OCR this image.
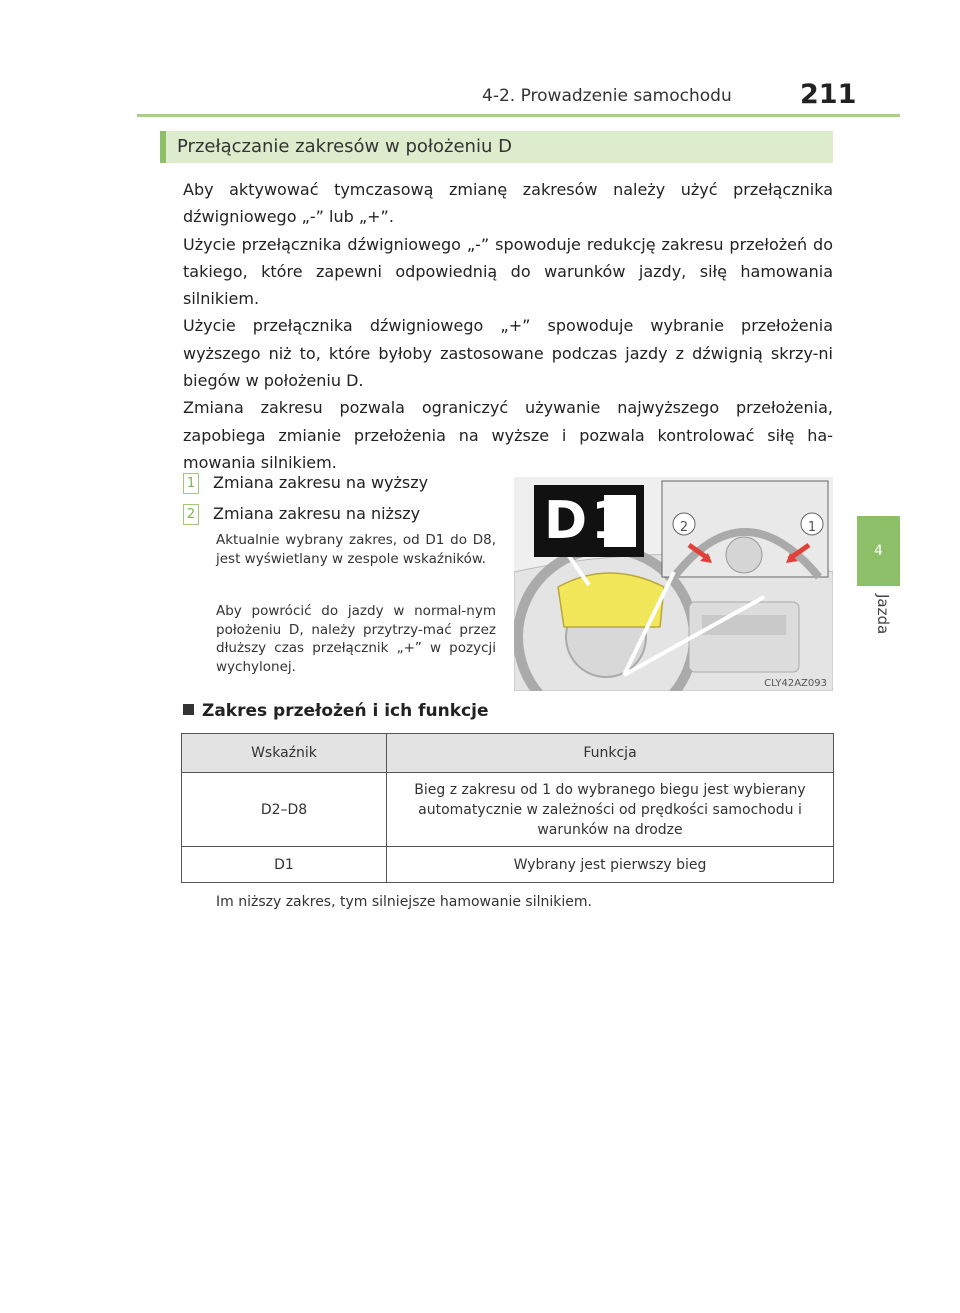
4-2. Prowadzenie samochodu	211
4
Jazda
Przełączanie zakresów w położeniu D

Aby aktywować tymczasową zmianę zakresów należy użyć przełącznika dźwigniowego „-” lub „+”.

Użycie przełącznika dźwigniowego „-” spowoduje redukcję zakresu przełożeń do takiego, które zapewni odpowiednią do warunków jazdy, siłę hamowania silnikiem.

Użycie przełącznika dźwigniowego „+” spowoduje wybranie przełożenia wyższego niż to, które byłoby zastosowane podczas jazdy z dźwignią skrzy-ni biegów w położeniu D.

Zmiana zakresu pozwala ograniczyć używanie najwyższego przełożenia, zapobiega zmianie przełożenia na wyższe i pozwala kontrolować siłę ha-mowania silnikiem.

1 Zmiana zakresu na wyższy
2 Zmiana zakresu na niższy
Aktualnie wybrany zakres, od D1 do D8, jest wyświetlany w zespole wskaźników.
Aby powrócić do jazdy w normal-nym położeniu D, należy przytrzy-mać przez dłuższy czas przełącznik „+” w pozycji wychylonej.
D1	2	1
CLY42AZ093
Zakres przełożeń i ich funkcje
Wskaźnik	Funkcja
D2–D8	Bieg z zakresu od 1 do wybranego biegu jest wybierany automatycznie w zależności od prędkości samochodu i warunków na drodze
D1	Wybrany jest pierwszy bieg
Im niższy zakres, tym silniejsze hamowanie silnikiem.
